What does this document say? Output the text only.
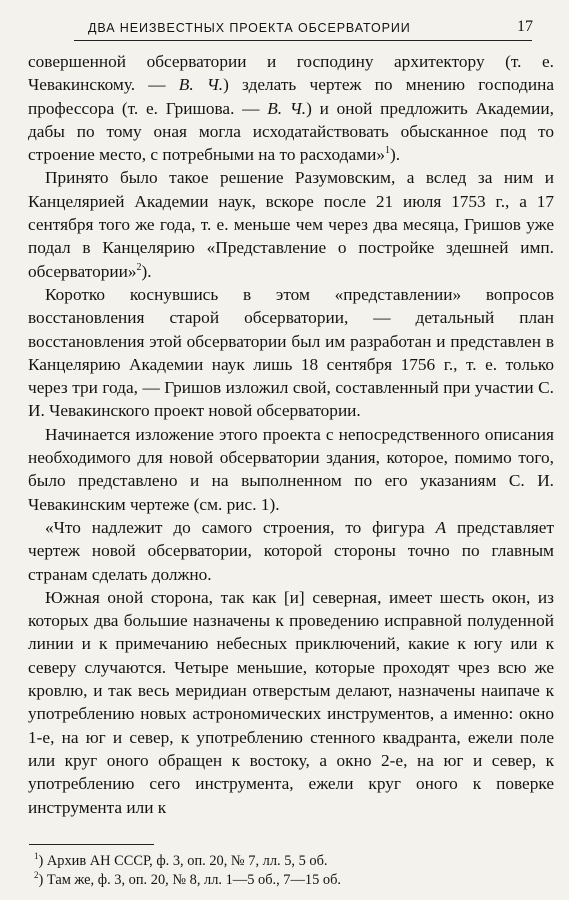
ДВА НЕИЗВЕСТНЫХ ПРОЕКТА ОБСЕРВАТОРИИ	17

совершенной обсерватории и господину архитектору (т. е. Чевакинскому. — В. Ч.) зделать чертеж по мнению господина профессора (т. е. Гришова. — В. Ч.) и оной предложить Академии, дабы по тому оная могла исходатайствовать обысканное под то строение место, с потребными на то расходами»$^1$).

Принято было такое решение Разумовским, а вслед за ним и Канцелярией Академии наук, вскоре после 21 июля 1753 г., а 17 сентября того же года, т. е. меньше чем через два месяца, Гришов уже подал в Канцелярию «Представление о постройке здешней имп. обсерватории»$^2$).

Коротко коснувшись в этом «представлении» вопросов восстановления старой обсерватории, — детальный план восстановления этой обсерватории был им разработан и представлен в Канцелярию Академии наук лишь 18 сентября 1756 г., т. е. только через три года, — Гришов изложил свой, составленный при участии С. И. Чевакинского проект новой обсерватории.

Начинается изложение этого проекта с непосредственного описания необходимого для новой обсерватории здания, которое, помимо того, было представлено и на выполненном по его указаниям С. И. Чевакинским чертеже (см. рис. 1).

«Что надлежит до самого строения, то фигура А представляет чертеж новой обсерватории, которой стороны точно по главным странам сделать должно.

Южная оной сторона, так как [и] северная, имеет шесть окон, из которых два большие назначены к проведению исправной полуденной линии и к примечанию небесных приключений, какие к югу или к северу случаются. Четыре меньшие, которые проходят чрез всю же кровлю, и так весь меридиан отверстым делают, назначены наипаче к употреблению новых астрономических инструментов, а именно: окно 1-е, на юг и север, к употреблению стенного квадранта, ежели поле или круг оного обращен к востоку, а окно 2-е, на юг и север, к употреблению сего инструмента, ежели круг оного к поверке инструмента или к

$^1$) Архив АН СССР, ф. 3, оп. 20, № 7, лл. 5, 5 об.
$^2$) Там же, ф. 3, оп. 20, № 8, лл. 1—5 об., 7—15 об.
